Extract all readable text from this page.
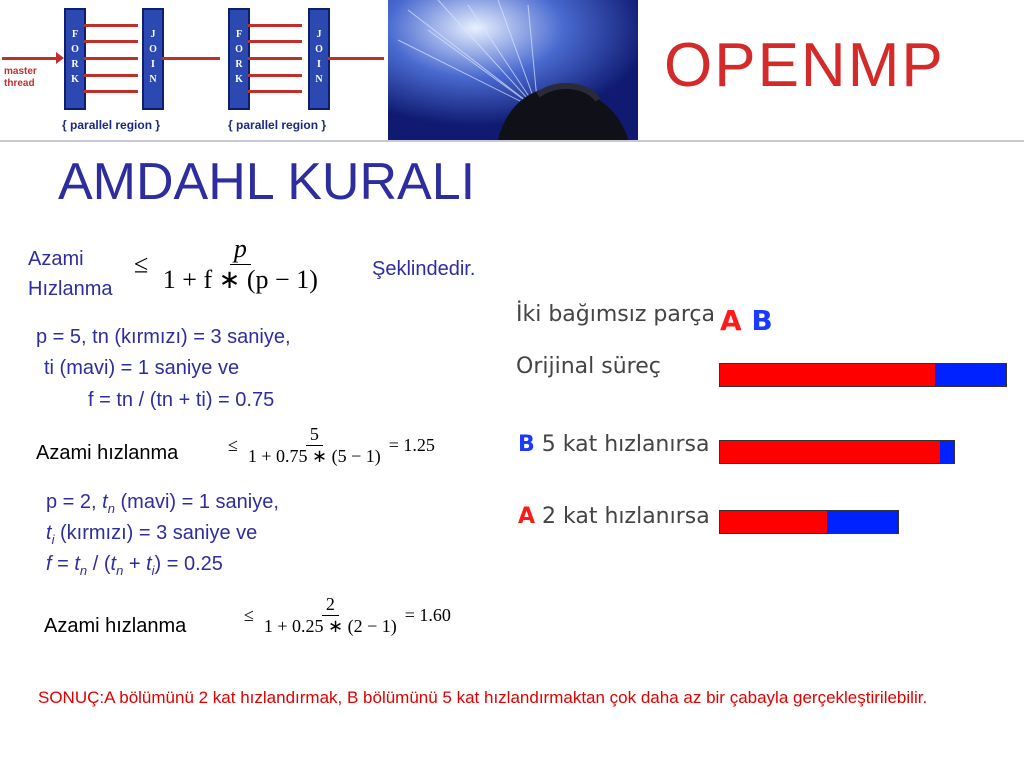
master
thread	FORK	JOIN
{ parallel region }
FORK	JOIN
{ parallel region }
OPENMP
AMDAHL KURALI
Azami Hızlanma
≤ $\frac{p}{1 + f ∗ (p - 1)}$	Şeklindedir.
p = 5, tn (kırmızı) = 3 saniye,
ti (mavi) = 1 saniye ve
f = tn / (tn + ti) = 0.75
Azami hızlanma	≤ $\frac{5}{1 + 0.75 ∗ (5 - 1)} = 1.25$
p = 2, $t_n$ (mavi) = 1 saniye,
$t_i$ (kırmızı) = 3 saniye ve
$f = t_n / (t_n + t_i) = 0.25$
Azami hızlanma	≤ $\frac{2}{1 + 0.25 ∗ (2 - 1)} = 1.60$
İki bağımsız parça A B
Orijinal süreç
B 5 kat hızlanırsa
A 2 kat hızlanırsa
SONUÇ:A bölümünü 2 kat hızlandırmak, B bölümünü 5 kat hızlandırmaktan çok daha az bir çabayla gerçekleştirilebilir.
